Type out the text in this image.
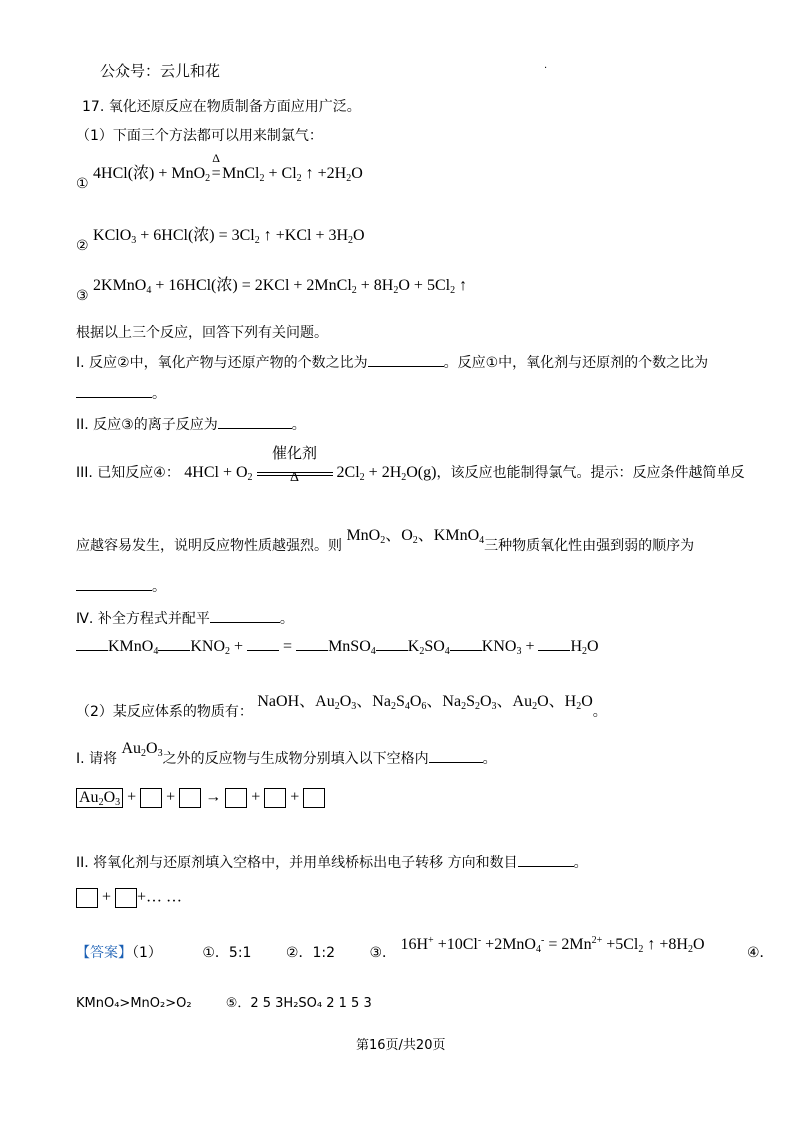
公众号：云儿和花	.
17. 氧化还原反应在物质制备方面应用广泛。
（1）下面三个方法都可以用来制氯气：
① 4HCl(浓) + MnO$_2$
Δ
=MnCl$_2$ + $Cl_2$ ↑ $+2H_2O$
② KClO$_3$ + 6HCl(浓) = $3Cl_2$ ↑ $+KCl + 3H_2O$
③ 2KMnO$_4$ + 16HCl(浓) = 2KCl + 2MnCl$_2$ + $8H_2O + 5Cl_2$ ↑
根据以上三个反应，回答下列有关问题。
I. 反应②中，氧化产物与还原产物的个数之比为	。反应①中，氧化剂与还原剂的个数之比为
。
II. 反应③的离子反应为	。
III. 已知反应④： $4HCl + O_2 \frac{\text{催化剂}}{\Delta} 2Cl_2 + 2H_2O(g)$，该反应也能制得氯气。提示：反应条件越简单反
应越容易发生，说明反应物性质越强烈。则 MnO$_2$、$O_2$、KMnO$_4$三种物质氧化性由强到弱的顺序为
。
Ⅳ. 补全方程式并配平	。
KMnO$_4$ $KNO_2$ +  = MnSO$_4$ $K_2SO_4$ $KNO_3 + H_2O$
（2）某反应体系的物质有： NaOH、$Au_2O_3$、$Na_2S_4O_6$、$Na_2S_2O_3$、$Au_2O$、$H_2O$。
I. 请将 $Au_2O_3$之外的反应物与生成物分别填入以下空格内	。
$Au_2O_3$ +  +  →  +  +
II. 将氧化剂与还原剂填入空格中，并用单线桥标出电子转移 方向和数目	。
+ +… …
【答案】（1）	①．5:1 ②．1:2 ③． $16H^+ +10Cl^- +2MnO_4^- = 2Mn^{2+} +5Cl_2$ ↑ $+8H_2O$	④．
KMnO₄>MnO₂>O₂	⑤．2 5 3H₂SO₄ 2 1 5 3
第16页/共20页
